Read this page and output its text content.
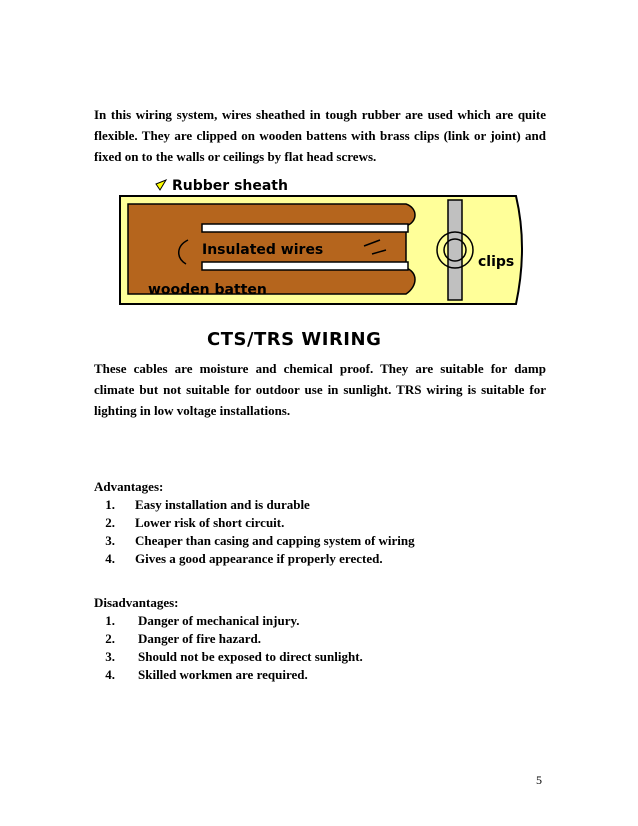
In this wiring system, wires sheathed in tough rubber are used which are quite flexible. They are clipped on wooden battens with brass clips (link or joint) and fixed on to the walls or ceilings by flat head screws.
Rubber sheath
Insulated wires
clips
wooden batten
CTS/TRS WIRING
These cables are moisture and chemical proof. They are suitable for damp climate but not suitable for outdoor use in sunlight. TRS wiring is suitable for lighting in low voltage installations.
Advantages:
1. Easy installation and is durable
2. Lower risk of short circuit.
3. Cheaper than casing and capping system of wiring
4. Gives a good appearance if properly erected.
Disadvantages:
1. Danger of mechanical injury.
2. Danger of fire hazard.
3. Should not be exposed to direct sunlight.
4. Skilled workmen are required.
5
